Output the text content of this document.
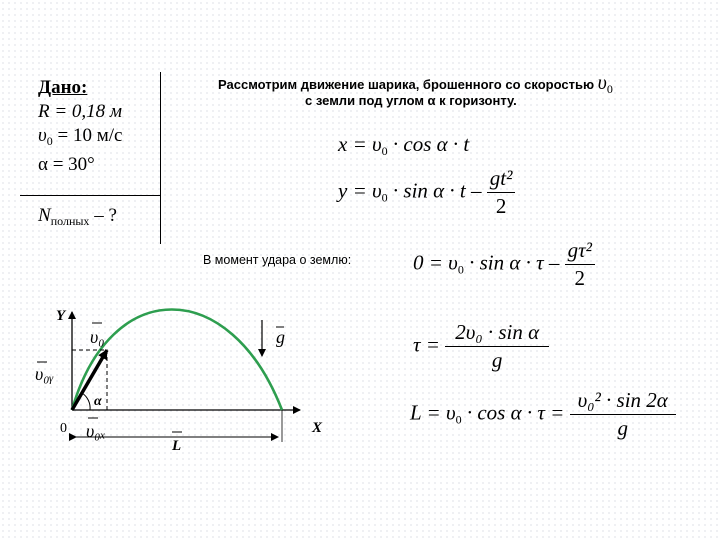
Дано:
R = 0,18 м
$\upsilon_0 = 10$ м/с
α = 30°
$N_{полных}$ – ?
Рассмотрим движение шарика, брошенного со скоростью υ0
с земли под углом α к горизонту.
$x = \upsilon_0 \cdot \cos \alpha \cdot t$
$y = \upsilon_0 \cdot \sin \alpha \cdot t - \frac{\text{gt²}}{2}$
В момент удара о землю:	$0 = \upsilon_0 \cdot \sin \alpha \cdot \tau - \frac{\text{gτ²}}{2}$
$\tau = \frac{\text{2υ₀ · sin α}}{g}$
$L = \upsilon_0 \cdot \cos \alpha \cdot \tau = \frac{\text{υ₀² · sin 2α}}{g}$
Y
X
0
υ₀
υ₀ᵧ
υ₀ₓ
g
α
L
